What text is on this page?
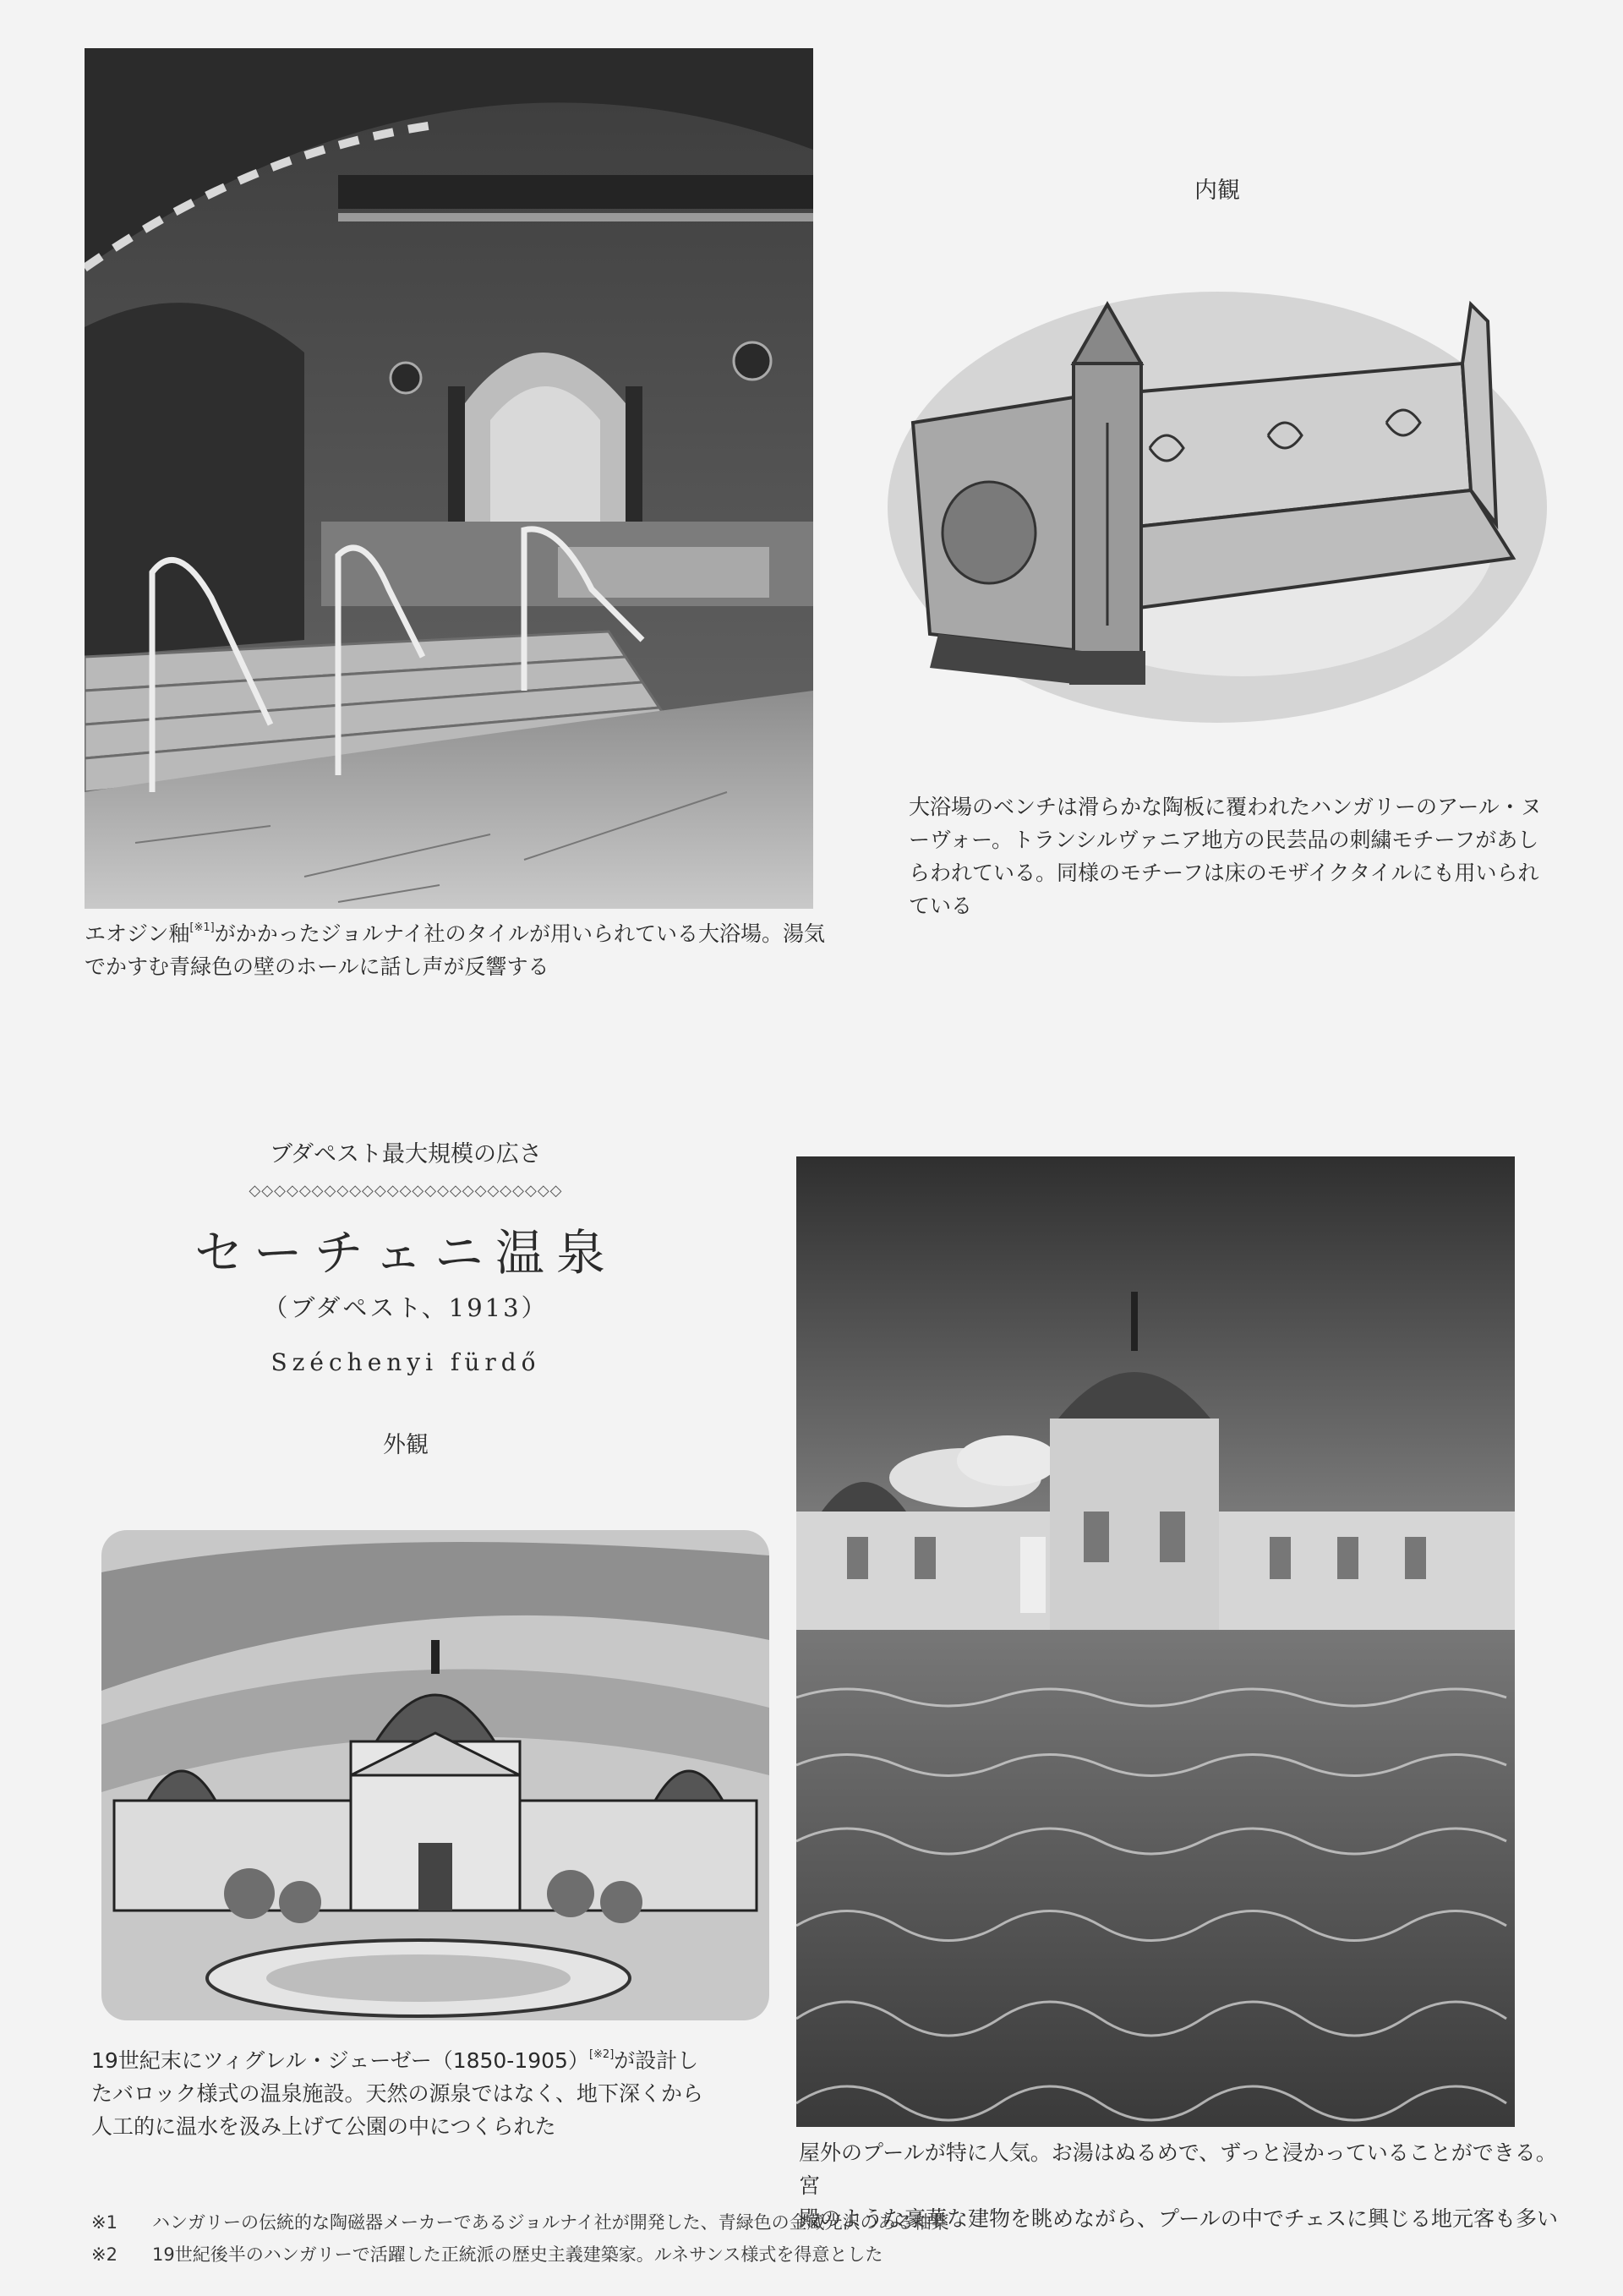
エオジン釉[※1]がかかったジョルナイ社のタイルが用いられている大浴場。湯気
でかすむ青緑色の壁のホールに話し声が反響する
内観
大浴場のベンチは滑らかな陶板に覆われたハンガリーのアール・ヌ
ーヴォー。トランシルヴァニア地方の民芸品の刺繍モチーフがあし
らわれている。同様のモチーフは床のモザイクタイルにも用いられ
ている
ブダペスト最大規模の広さ
◇◇◇◇◇◇◇◇◇◇◇◇◇◇◇◇◇◇◇◇◇◇◇◇◇
セーチェニ温泉
（ブダペスト、1913）
Széchenyi fürdő
外観
19世紀末にツィグレル・ジェーゼー（1850-1905）[※2]が設計し
たバロック様式の温泉施設。天然の源泉ではなく、地下深くから
人工的に温水を汲み上げて公園の中につくられた
屋外のプールが特に人気。お湯はぬるめで、ずっと浸かっていることができる。宮
殿のような豪華な建物を眺めながら、プールの中でチェスに興じる地元客も多い
※1 ハンガリーの伝統的な陶磁器メーカーであるジョルナイ社が開発した、青緑色の金蔵光沢のある釉薬
※2 19世紀後半のハンガリーで活躍した正統派の歴史主義建築家。ルネサンス様式を得意とした
